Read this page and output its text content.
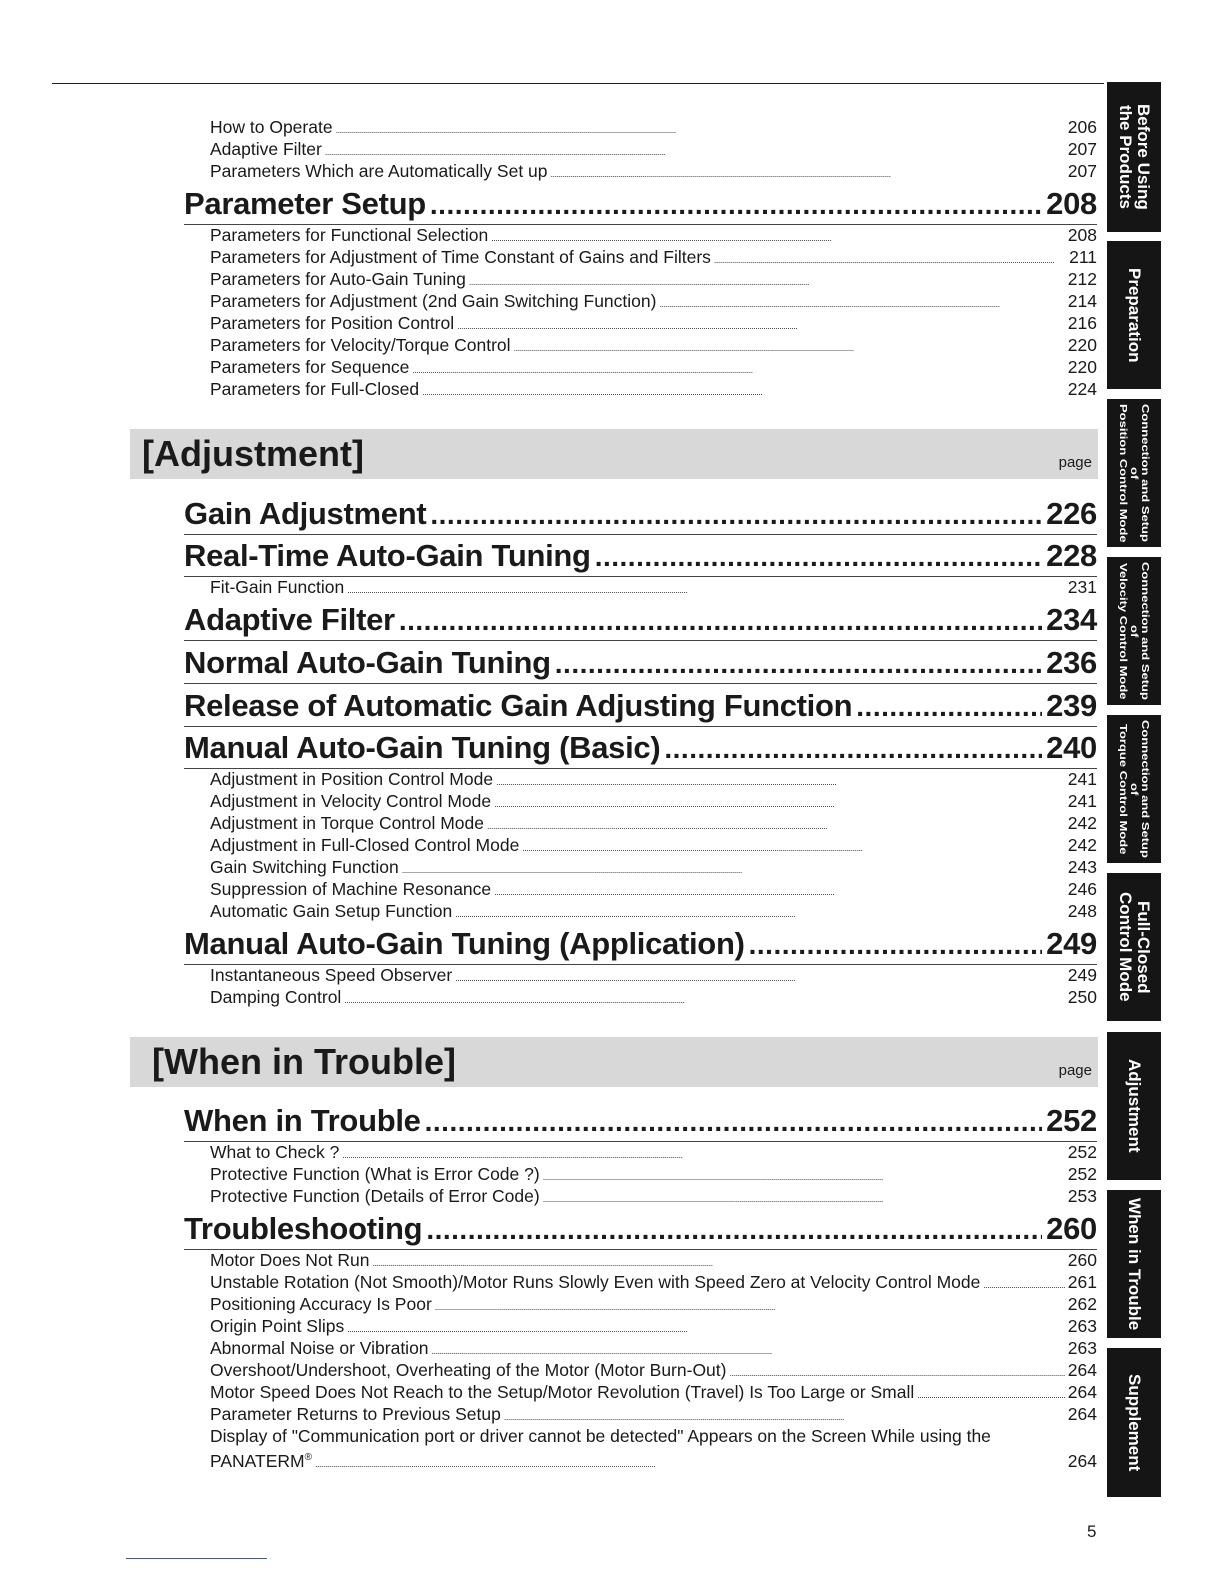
How to Operate . . .	206
Adaptive Filter . . .	207
Parameters Which are Automatically Set up . . .	207
Parameter Setup .....	208
Parameters for Functional Selection . . .	208
Parameters for Adjustment of Time Constant of Gains and Filters . . .	211
Parameters for Auto-Gain Tuning . . .	212
Parameters for Adjustment (2nd Gain Switching Function) . . .	214
Parameters for Position Control . . .	216
Parameters for Velocity/Torque Control . . .	220
Parameters for Sequence . . .	220
Parameters for Full-Closed . . .	224
[Adjustment]	page
Gain Adjustment .....	226
Real-Time Auto-Gain Tuning .....	228
Fit-Gain Function . . .	231
Adaptive Filter .....	234
Normal Auto-Gain Tuning .....	236
Release of Automatic Gain Adjusting Function .....	239
Manual Auto-Gain Tuning (Basic) .....	240
Adjustment in Position Control Mode . . .	241
Adjustment in Velocity Control Mode . . .	241
Adjustment in Torque Control Mode . . .	242
Adjustment in Full-Closed Control Mode . . .	242
Gain Switching Function . . .	243
Suppression of Machine Resonance . . .	246
Automatic Gain Setup Function . . .	248
Manual Auto-Gain Tuning (Application) .....	249
Instantaneous Speed Observer . . .	249
Damping Control . . .	250
[When in Trouble]	page
When in Trouble .....	252
What to Check ? . . .	252
Protective Function (What is Error Code ?) . . .	252
Protective Function (Details of Error Code) . . .	253
Troubleshooting .....	260
Motor Does Not Run . . .	260
Unstable Rotation (Not Smooth)/Motor Runs Slowly Even with Speed Zero at Velocity Control Mode . . .	261
Positioning Accuracy Is Poor . . .	262
Origin Point Slips . . .	263
Abnormal Noise or Vibration . . .	263
Overshoot/Undershoot, Overheating of the Motor (Motor Burn-Out) . . .	264
Motor Speed Does Not Reach to the Setup/Motor Revolution (Travel) Is Too Large or Small . . .	264
Parameter Returns to Previous Setup . . .	264
Display of "Communication port or driver cannot be detected" Appears on the Screen While using the
PANATERM® . . .	264
Before Using
the Products
Preparation
Connection and Setup of
Position Control Mode
Connection and Setup of
Velocity Control Mode
Connection and Setup of
Torque Control Mode
Full-Closed
Control Mode
Adjustment
When in Trouble
Supplement
5
